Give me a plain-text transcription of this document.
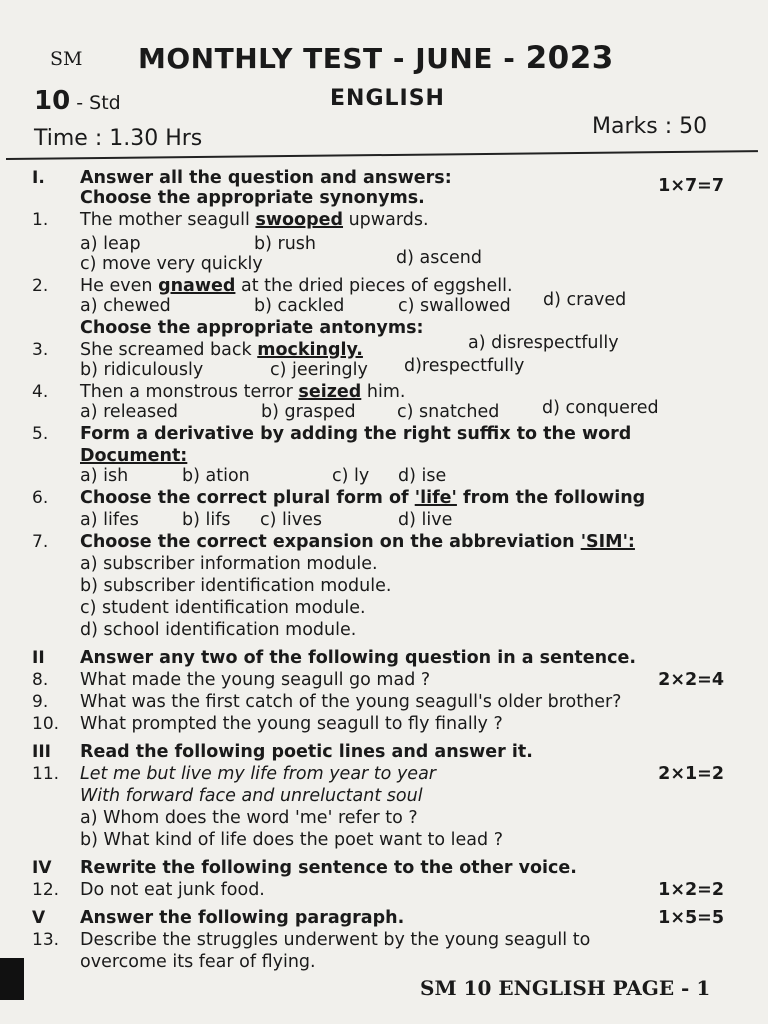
SM MONTHLY TEST - JUNE - 2023
10 - Std	ENGLISH
Time : 1.30 Hrs	Marks : 50
I. Answer all the question and answers:
Choose the appropriate synonyms.
1×7=7
1. The mother seagull swooped upwards.
a) leap	b) rush
c) move very quickly	d) ascend
2. He even gnawed at the dried pieces of eggshell.
a) chewed	b) cackled	c) swallowed d) craved
Choose the appropriate antonyms:
3. She screamed back mockingly.	a) disrespectfully
b) ridiculously	c) jeeringly d)respectfully
4. Then a monstrous terror seized him.
a) released	b) grasped c) snatched d) conquered
5. Form a derivative by adding the right suffix to the word
Document:
a) ish	b) ation	c) ly d) ise
6. Choose the correct plural form of 'life' from the following
a) lifes b) lifs c) lives	d) live
7. Choose the correct expansion on the abbreviation 'SIM':
a) subscriber information module.
b) subscriber identification module.
c) student identification module.
d) school identification module.
II Answer any two of the following question in a sentence.
8. What made the young seagull go mad ?	2×2=4
9. What was the first catch of the young seagull's older brother?
10. What prompted the young seagull to fly finally ?
III Read the following poetic lines and answer it.
11. Let me but live my life from year to year	2×1=2
With forward face and unreluctant soul
a) Whom does the word 'me' refer to ?
b) What kind of life does the poet want to lead ?
IV Rewrite the following sentence to the other voice.
12. Do not eat junk food.	1×2=2
V Answer the following paragraph.	1×5=5
13. Describe the struggles underwent by the young seagull to
overcome its fear of flying.
SM 10 ENGLISH PAGE - 1
